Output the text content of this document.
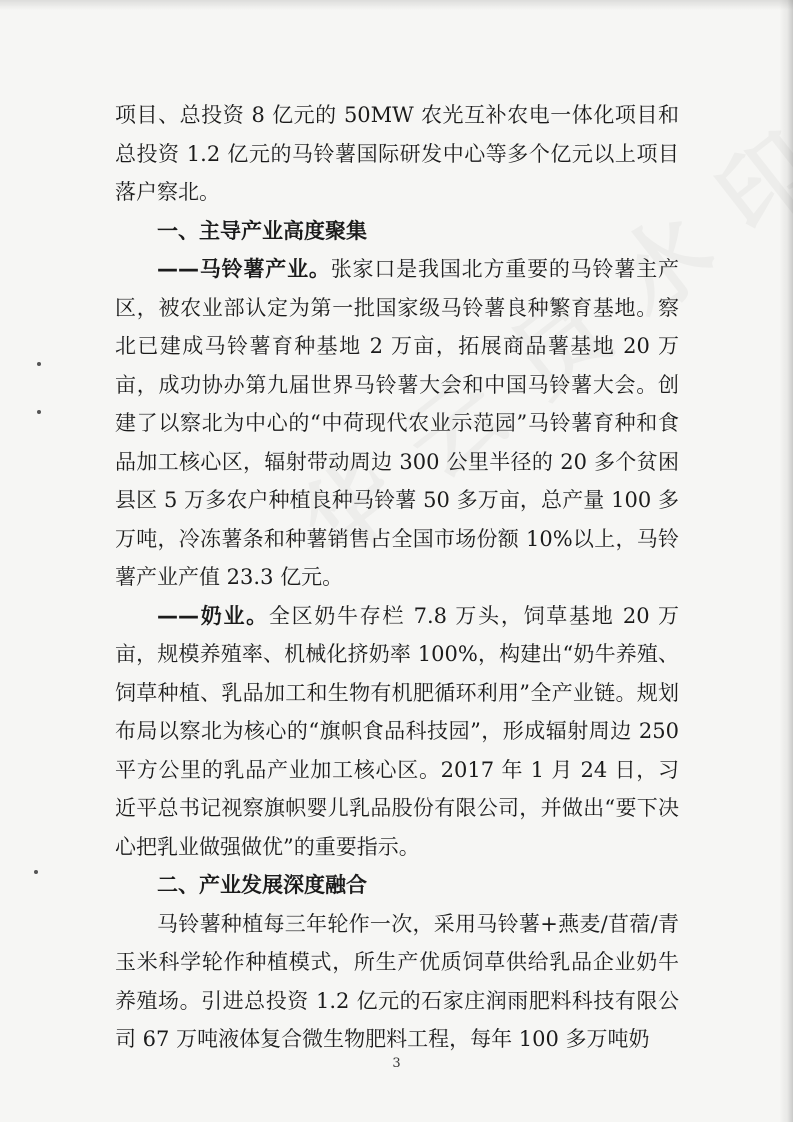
项目、总投资 8 亿元的 50MW 农光互补农电一体化项目和总投资 1.2 亿元的马铃薯国际研发中心等多个亿元以上项目落户察北。

一、主导产业高度聚集

——马铃薯产业。张家口是我国北方重要的马铃薯主产区，被农业部认定为第一批国家级马铃薯良种繁育基地。察北已建成马铃薯育种基地 2 万亩，拓展商品薯基地 20 万亩，成功协办第九届世界马铃薯大会和中国马铃薯大会。创建了以察北为中心的“中荷现代农业示范园”马铃薯育种和食品加工核心区，辐射带动周边 300 公里半径的 20 多个贫困县区 5 万多农户种植良种马铃薯 50 多万亩，总产量 100 多万吨，冷冻薯条和种薯销售占全国市场份额 10%以上，马铃薯产业产值 23.3 亿元。

——奶业。全区奶牛存栏 7.8 万头，饲草基地 20 万亩，规模养殖率、机械化挤奶率 100%，构建出“奶牛养殖、饲草种植、乳品加工和生物有机肥循环利用”全产业链。规划布局以察北为核心的“旗帜食品科技园”，形成辐射周边 250 平方公里的乳品产业加工核心区。2017 年 1 月 24 日，习近平总书记视察旗帜婴儿乳品股份有限公司，并做出“要下决心把乳业做强做优”的重要指示。

二、产业发展深度融合

马铃薯种植每三年轮作一次，采用马铃薯+燕麦/苜蓿/青玉米科学轮作种植模式，所生产优质饲草供给乳品企业奶牛养殖场。引进总投资 1.2 亿元的石家庄润雨肥料科技有限公司 67 万吨液体复合微生物肥料工程，每年 100 多万吨奶

3
